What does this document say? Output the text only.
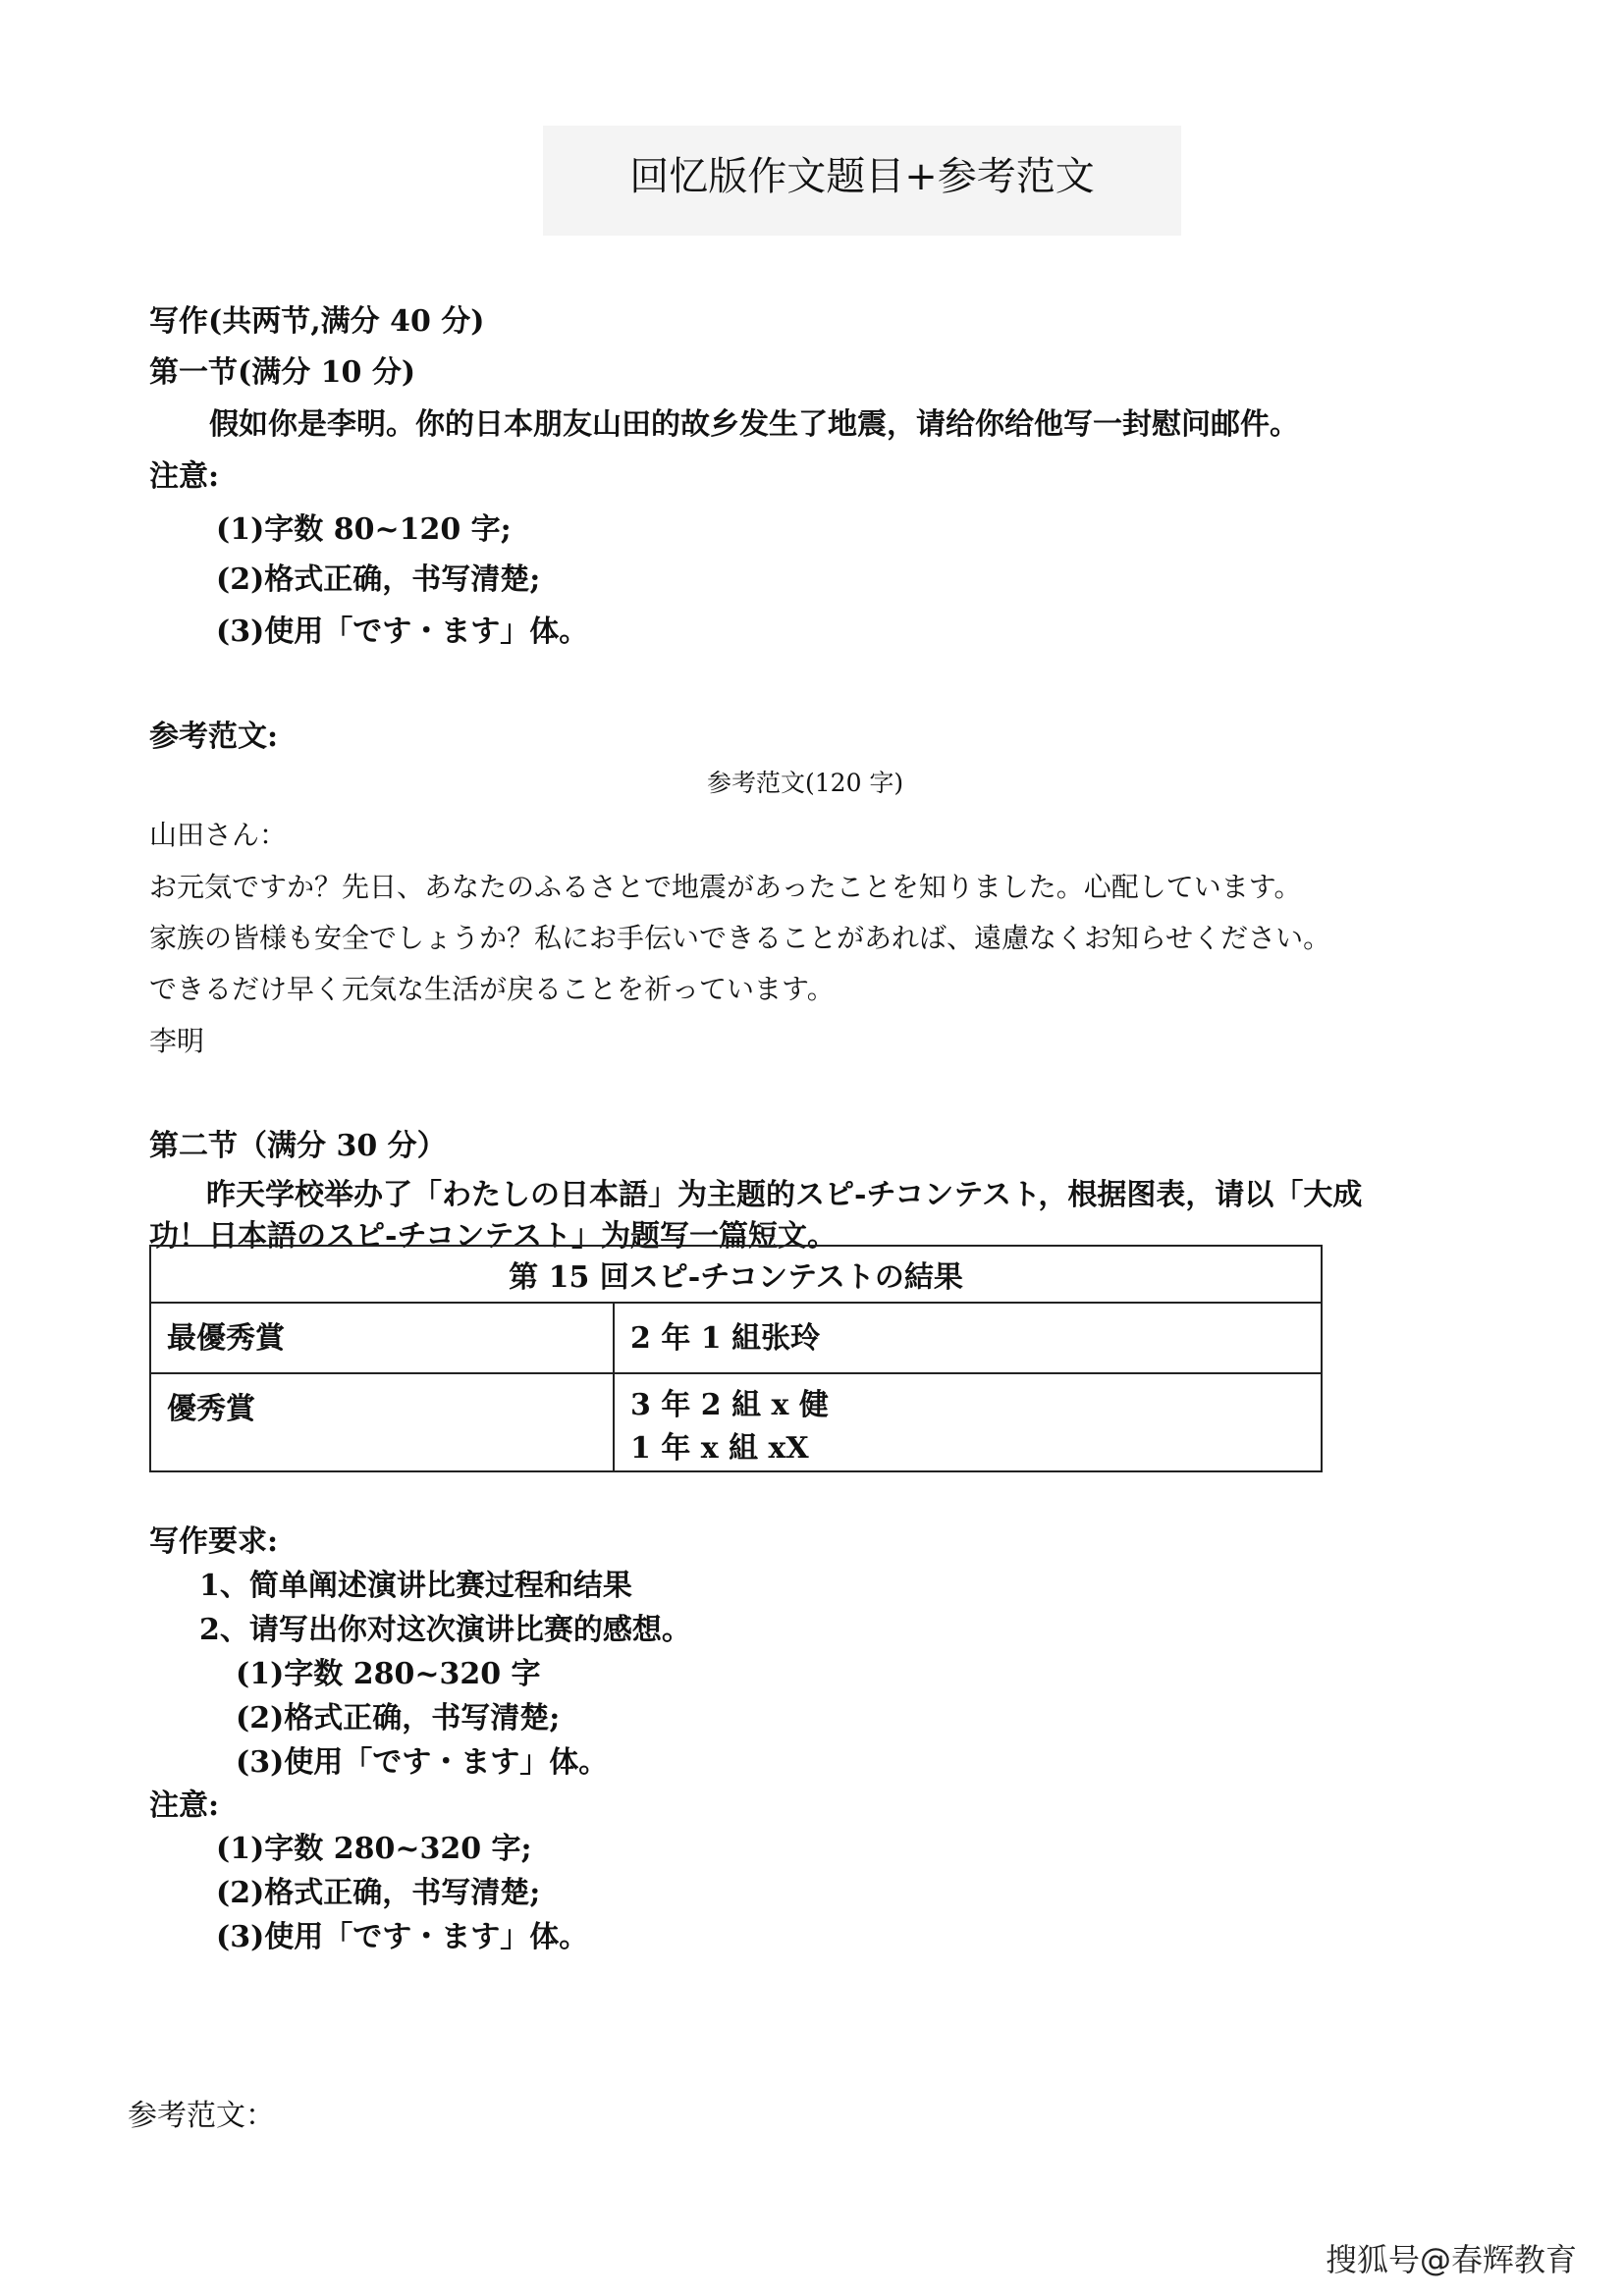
回忆版作文题目+参考范文
写作(共两节,满分 40 分)
第一节(满分 10 分)
假如你是李明。你的日本朋友山田的故乡发生了地震，请给你给他写一封慰问邮件。
注意:
(1)字数 80~120 字;
(2)格式正确，书写清楚;
(3)使用「です・ます」体。
参考范文:
参考范文(120 字)
山田さん：
お元気ですか？先日、あなたのふるさとで地震があったことを知りました。心配しています。
家族の皆様も安全でしょうか？私にお手伝いできることがあれば、遠慮なくお知らせください。
できるだけ早く元気な生活が戻ることを祈っています。
李明
第二节（满分 30 分）
昨天学校举办了「わたしの日本語」为主题的スピ-チコンテスト，根据图表，请以「大成
功！日本語のスピ-チコンテスト」为题写一篇短文。
第 15 回スピ-チコンテストの結果	
最優秀賞	2 年 1 組张玲

優秀賞	3 年 2 組 x 健
1 年 x 組 xX
写作要求:
1、简单阐述演讲比赛过程和结果
2、请写出你对这次演讲比赛的感想。
(1)字数 280~320 字
(2)格式正确，书写清楚;
(3)使用「です・ます」体。
注意:
(1)字数 280~320 字;
(2)格式正确，书写清楚;
(3)使用「です・ます」体。
参考范文：
搜狐号@春辉教育
